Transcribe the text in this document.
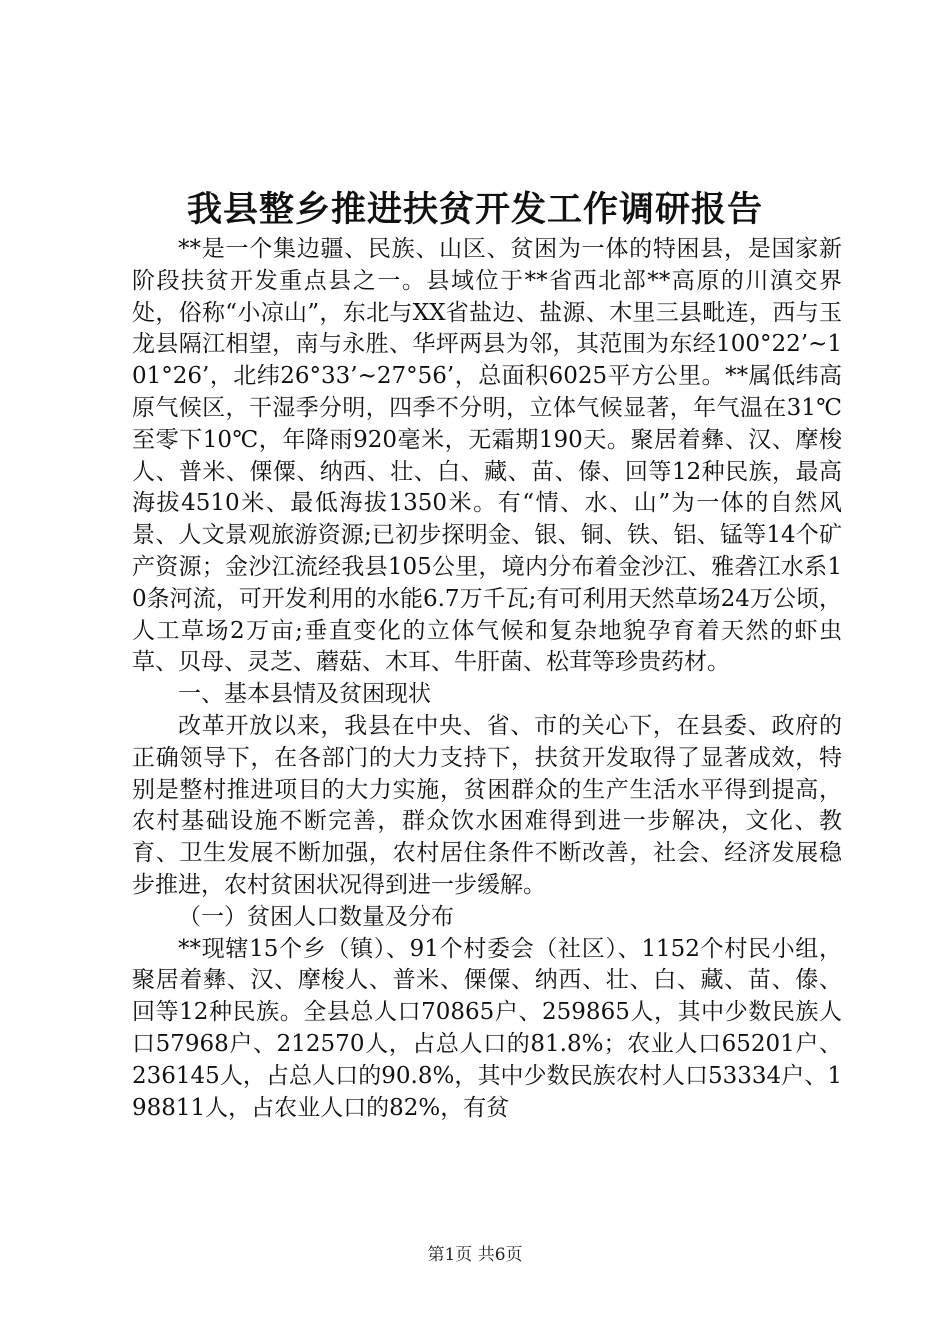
我县整乡推进扶贫开发工作调研报告

**是一个集边疆、民族、山区、贫困为一体的特困县，是国家新阶段扶贫开发重点县之一。县域位于**省西北部**高原的川滇交界处，俗称“小凉山”，东北与XX省盐边、盐源、木里三县毗连，西与玉龙县隔江相望，南与永胜、华坪两县为邻，其范围为东经100°22’~101°26’，北纬26°33’~27°56’，总面积6025平方公里。**属低纬高原气候区，干湿季分明，四季不分明，立体气候显著，年气温在31℃至零下10℃，年降雨920毫米，无霜期190天。聚居着彝、汉、摩梭人、普米、傈僳、纳西、壮、白、藏、苗、傣、回等12种民族，最高海拔4510米、最低海拔1350米。有“情、水、山”为一体的自然风景、人文景观旅游资源;已初步探明金、银、铜、铁、铝、锰等14个矿产资源；金沙江流经我县105公里，境内分布着金沙江、雅砻江水系10条河流，可开发利用的水能6.7万千瓦;有可利用天然草场24万公顷，人工草场2万亩;垂直变化的立体气候和复杂地貌孕育着天然的虾虫草、贝母、灵芝、蘑菇、木耳、牛肝菌、松茸等珍贵药材。

一、基本县情及贫困现状

改革开放以来，我县在中央、省、市的关心下，在县委、政府的正确领导下，在各部门的大力支持下，扶贫开发取得了显著成效，特别是整村推进项目的大力实施，贫困群众的生产生活水平得到提高，农村基础设施不断完善，群众饮水困难得到进一步解决，文化、教育、卫生发展不断加强，农村居住条件不断改善，社会、经济发展稳步推进，农村贫困状况得到进一步缓解。

（一）贫困人口数量及分布

**现辖15个乡（镇）、91个村委会（社区）、1152个村民小组，聚居着彝、汉、摩梭人、普米、傈僳、纳西、壮、白、藏、苗、傣、回等12种民族。全县总人口70865户、259865人，其中少数民族人口57968户、212570人，占总人口的81.8%；农业人口65201户、236145人，占总人口的90.8%，其中少数民族农村人口53334户、198811人，占农业人口的82%，有贫

第1页 共6页
